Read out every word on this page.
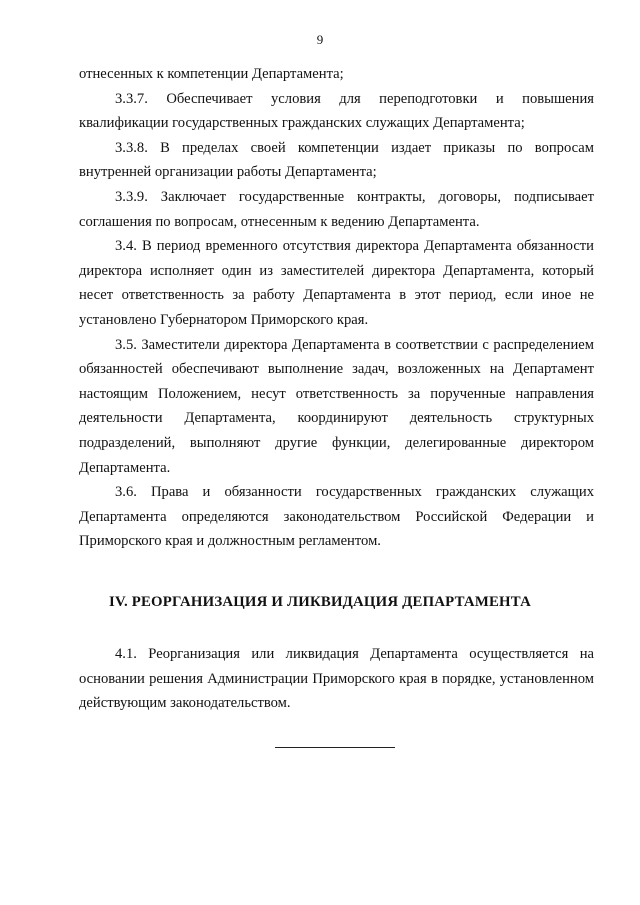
9

отнесенных к компетенции Департамента;

3.3.7. Обеспечивает условия для переподготовки и повышения квалификации государственных гражданских служащих Департамента;

3.3.8. В пределах своей компетенции издает приказы по вопросам внутренней организации работы Департамента;

3.3.9. Заключает государственные контракты, договоры, подписывает соглашения по вопросам, отнесенным к ведению Департамента.

3.4. В период временного отсутствия директора Департамента обязанности директора исполняет один из заместителей директора Департамента, который несет ответственность за работу Департамента в этот период, если иное не установлено Губернатором Приморского края.

3.5. Заместители директора Департамента в соответствии с распределением обязанностей обеспечивают выполнение задач, возложенных на Департамент настоящим Положением, несут ответственность за порученные направления деятельности Департамента, координируют деятельность структурных подразделений, выполняют другие функции, делегированные директором Департамента.

3.6. Права и обязанности государственных гражданских служащих Департамента определяются законодательством Российской Федерации и Приморского края и должностным регламентом.

IV. РЕОРГАНИЗАЦИЯ И ЛИКВИДАЦИЯ ДЕПАРТАМЕНТА

4.1. Реорганизация или ликвидация Департамента осуществляется на основании решения Администрации Приморского края в порядке, установленном действующим законодательством.
